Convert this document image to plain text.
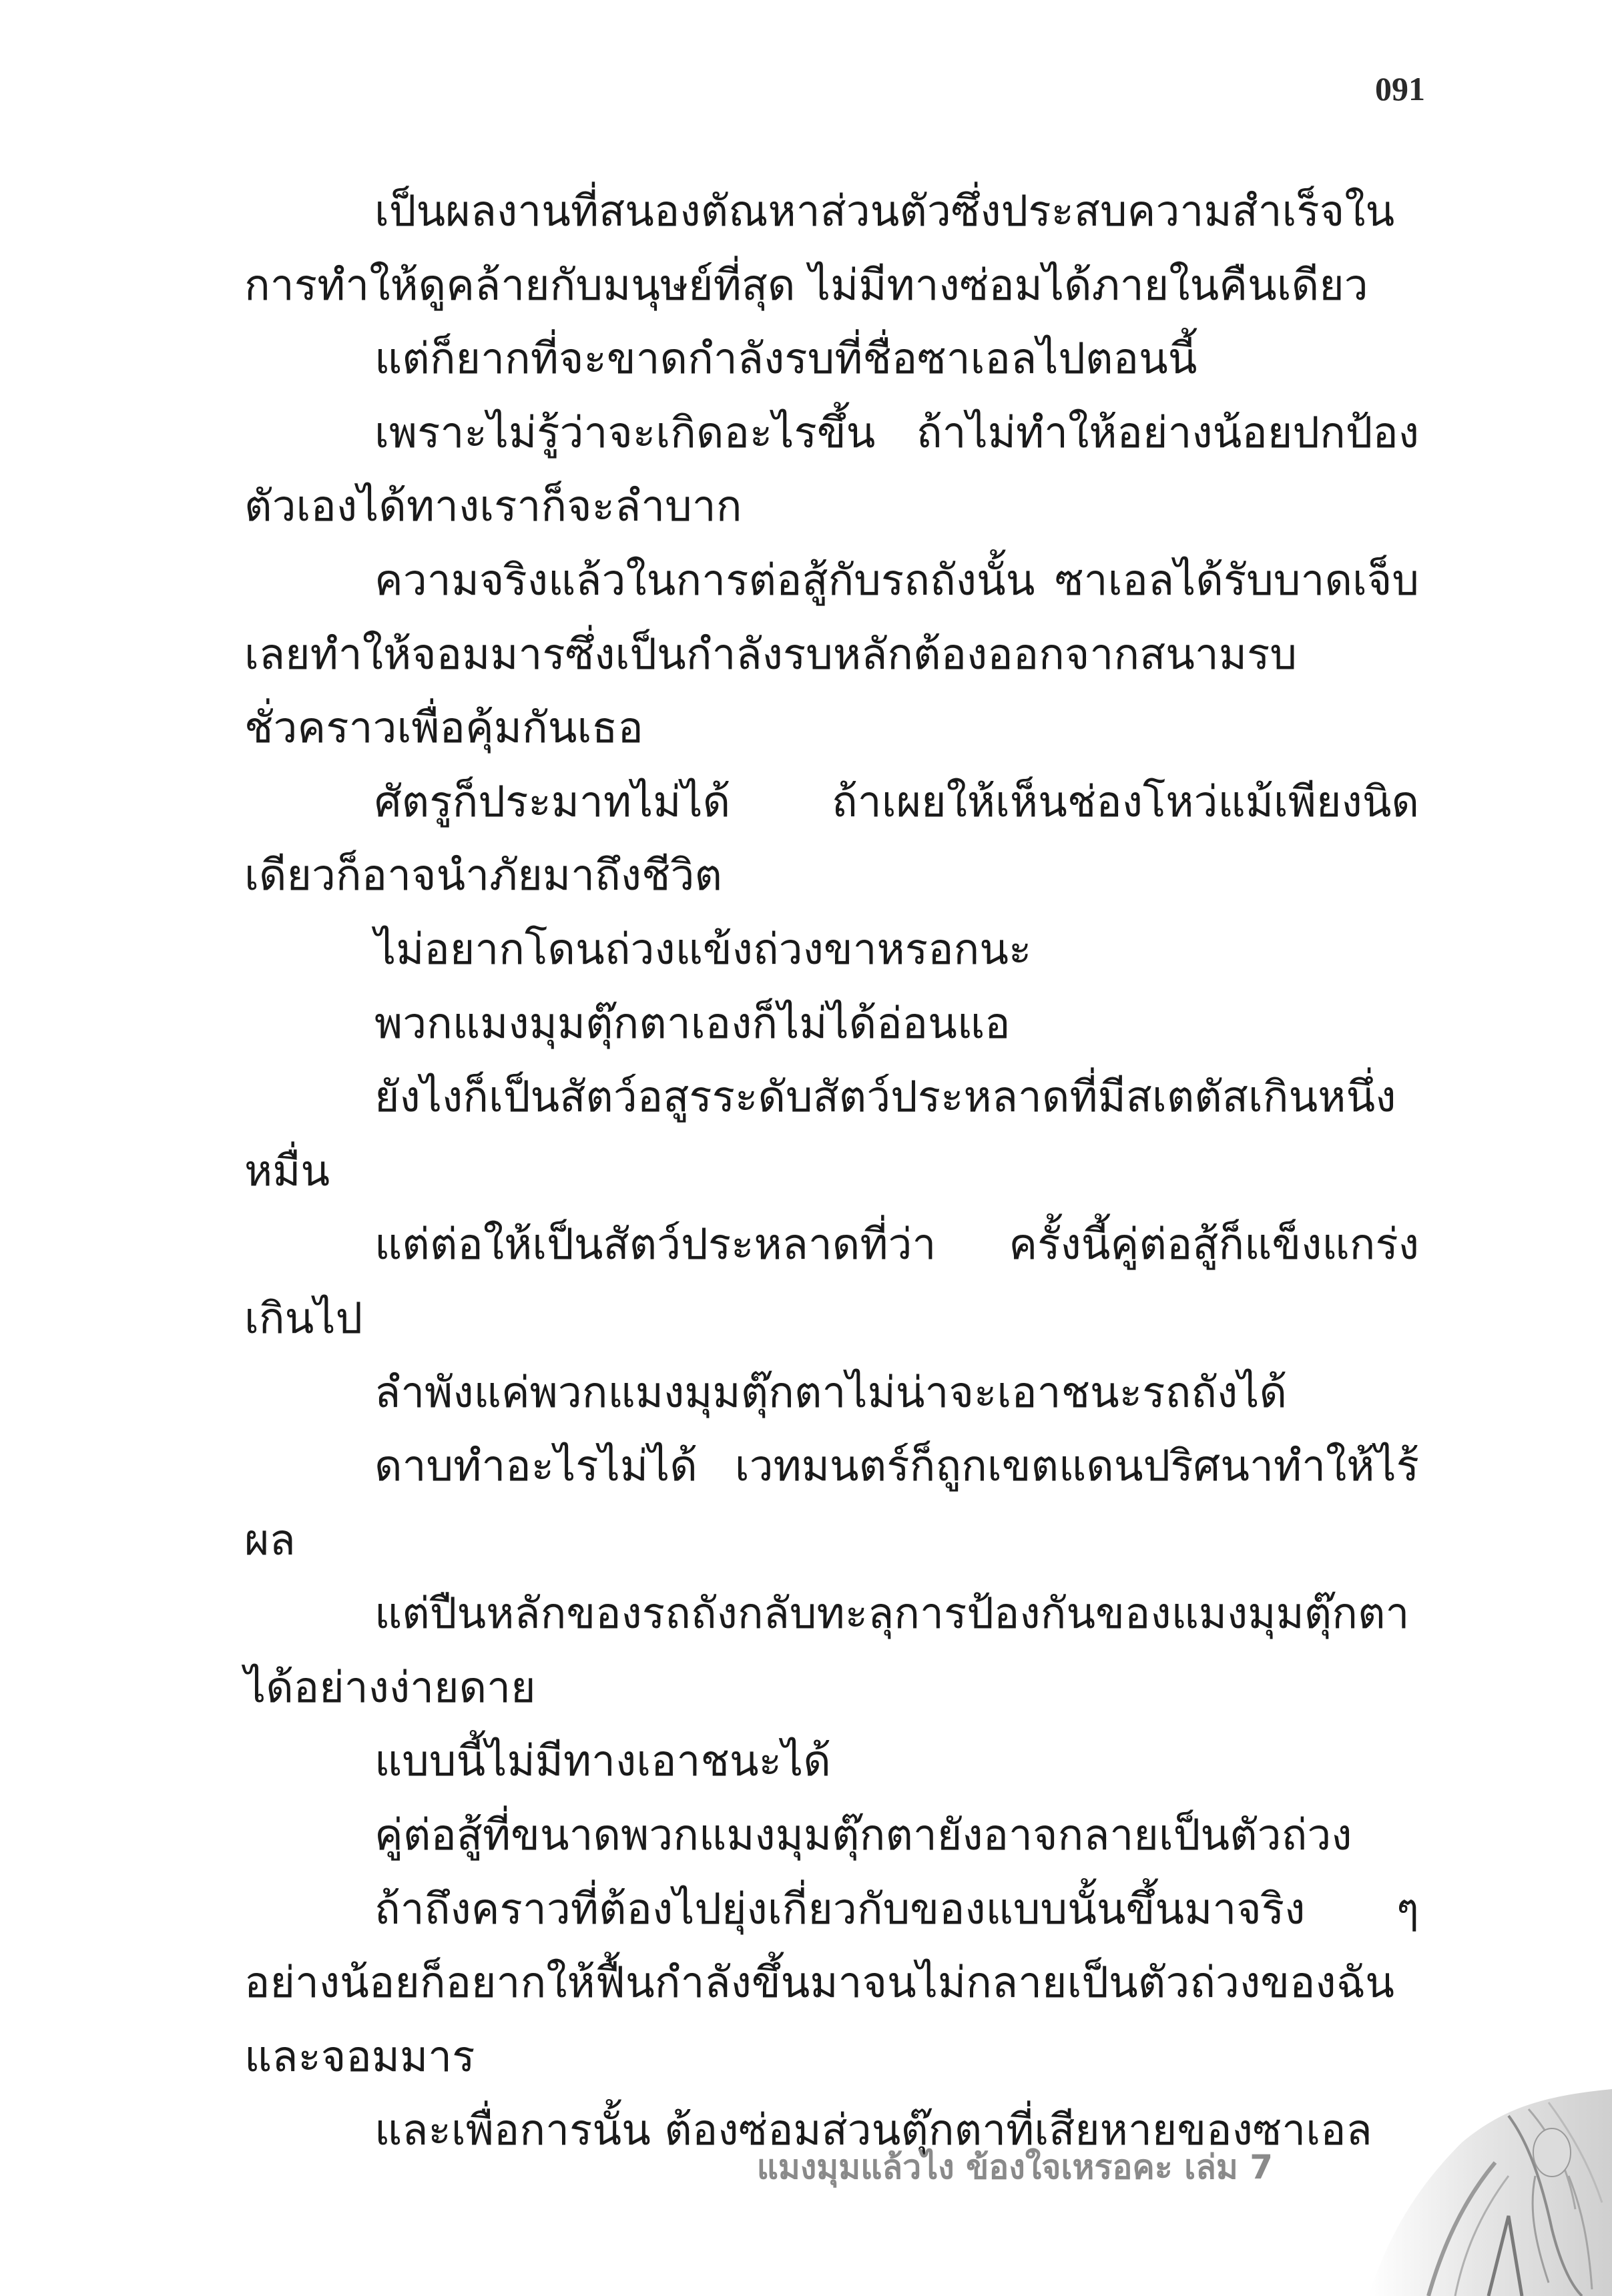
091

เป็นผลงานที่สนองตัณหาส่วนตัวซึ่งประสบความสำเร็จในการทำให้ดูคล้ายกับมนุษย์ที่สุด ไม่มีทางซ่อมได้ภายในคืนเดียว

แต่ก็ยากที่จะขาดกำลังรบที่ชื่อซาเอลไปตอนนี้

เพราะไม่รู้ว่าจะเกิดอะไรขึ้น ถ้าไม่ทำให้อย่างน้อยปกป้องตัวเองได้ทางเราก็จะลำบาก

ความจริงแล้วในการต่อสู้กับรถถังนั้น ซาเอลได้รับบาดเจ็บเลยทำให้จอมมารซึ่งเป็นกำลังรบหลักต้องออกจากสนามรบชั่วคราวเพื่อคุ้มกันเธอ

ศัตรูก็ประมาทไม่ได้ ถ้าเผยให้เห็นช่องโหว่แม้เพียงนิดเดียวก็อาจนำภัยมาถึงชีวิต

ไม่อยากโดนถ่วงแข้งถ่วงขาหรอกนะ

พวกแมงมุมตุ๊กตาเองก็ไม่ได้อ่อนแอ

ยังไงก็เป็นสัตว์อสูรระดับสัตว์ประหลาดที่มีสเตตัสเกินหนึ่งหมื่น

แต่ต่อให้เป็นสัตว์ประหลาดที่ว่า ครั้งนี้คู่ต่อสู้ก็แข็งแกร่งเกินไป

ลำพังแค่พวกแมงมุมตุ๊กตาไม่น่าจะเอาชนะรถถังได้

ดาบทำอะไรไม่ได้ เวทมนตร์ก็ถูกเขตแดนปริศนาทำให้ไร้ผล

แต่ปืนหลักของรถถังกลับทะลุการป้องกันของแมงมุมตุ๊กตาได้อย่างง่ายดาย

แบบนี้ไม่มีทางเอาชนะได้

คู่ต่อสู้ที่ขนาดพวกแมงมุมตุ๊กตายังอาจกลายเป็นตัวถ่วง

ถ้าถึงคราวที่ต้องไปยุ่งเกี่ยวกับของแบบนั้นขึ้นมาจริง ๆ อย่างน้อยก็อยากให้ฟื้นกำลังขึ้นมาจนไม่กลายเป็นตัวถ่วงของฉันและจอมมาร

และเพื่อการนั้น ต้องซ่อมส่วนตุ๊กตาที่เสียหายของซาเอล

แมงมุมแล้วไง ข้องใจเหรอคะ เล่ม 7
